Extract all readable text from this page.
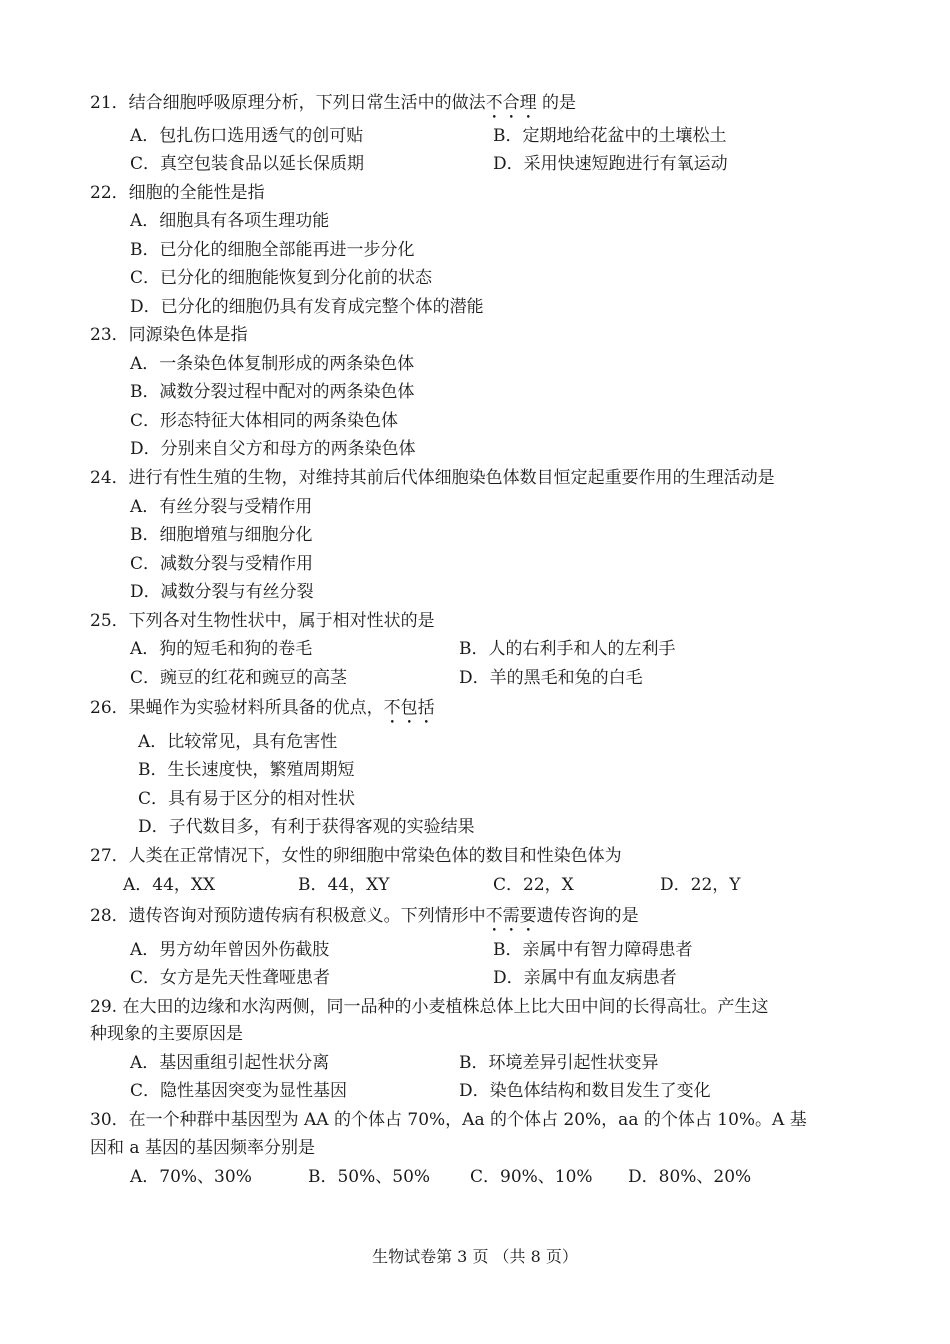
21．结合细胞呼吸原理分析，下列日常生活中的做法不合理 的是
A．包扎伤口选用透气的创可贴	B．定期地给花盆中的土壤松土
C．真空包装食品以延长保质期	D．采用快速短跑进行有氧运动
22．细胞的全能性是指
A．细胞具有各项生理功能
B．已分化的细胞全部能再进一步分化
C．已分化的细胞能恢复到分化前的状态
D．已分化的细胞仍具有发育成完整个体的潜能
23．同源染色体是指
A．一条染色体复制形成的两条染色体
B．减数分裂过程中配对的两条染色体
C．形态特征大体相同的两条染色体
D．分别来自父方和母方的两条染色体
24．进行有性生殖的生物，对维持其前后代体细胞染色体数目恒定起重要作用的生理活动是
A．有丝分裂与受精作用
B．细胞增殖与细胞分化
C．减数分裂与受精作用
D．减数分裂与有丝分裂
25．下列各对生物性状中，属于相对性状的是
A．狗的短毛和狗的卷毛	B．人的右利手和人的左利手
C．豌豆的红花和豌豆的高茎	D．羊的黑毛和兔的白毛
26．果蝇作为实验材料所具备的优点，不包括
A．比较常见，具有危害性
B．生长速度快，繁殖周期短
C．具有易于区分的相对性状
D．子代数目多，有利于获得客观的实验结果
27．人类在正常情况下，女性的卵细胞中常染色体的数目和性染色体为
A．44，XX	B．44，XY	C．22，X	D．22，Y
28．遗传咨询对预防遗传病有积极意义。下列情形中不需要遗传咨询的是
A．男方幼年曾因外伤截肢	B．亲属中有智力障碍患者
C．女方是先天性聋哑患者	D．亲属中有血友病患者
29. 在大田的边缘和水沟两侧，同一品种的小麦植株总体上比大田中间的长得高壮。产生这
种现象的主要原因是
A．基因重组引起性状分离	B．环境差异引起性状变异
C．隐性基因突变为显性基因	D．染色体结构和数目发生了变化
30．在一个种群中基因型为 AA 的个体占 70%，Aa 的个体占 20%，aa 的个体占 10%。A 基
因和 a 基因的基因频率分别是
A．70%、30%	B．50%、50% C．90%、10% D．80%、20%
生物试卷第 3 页 （共 8 页）
